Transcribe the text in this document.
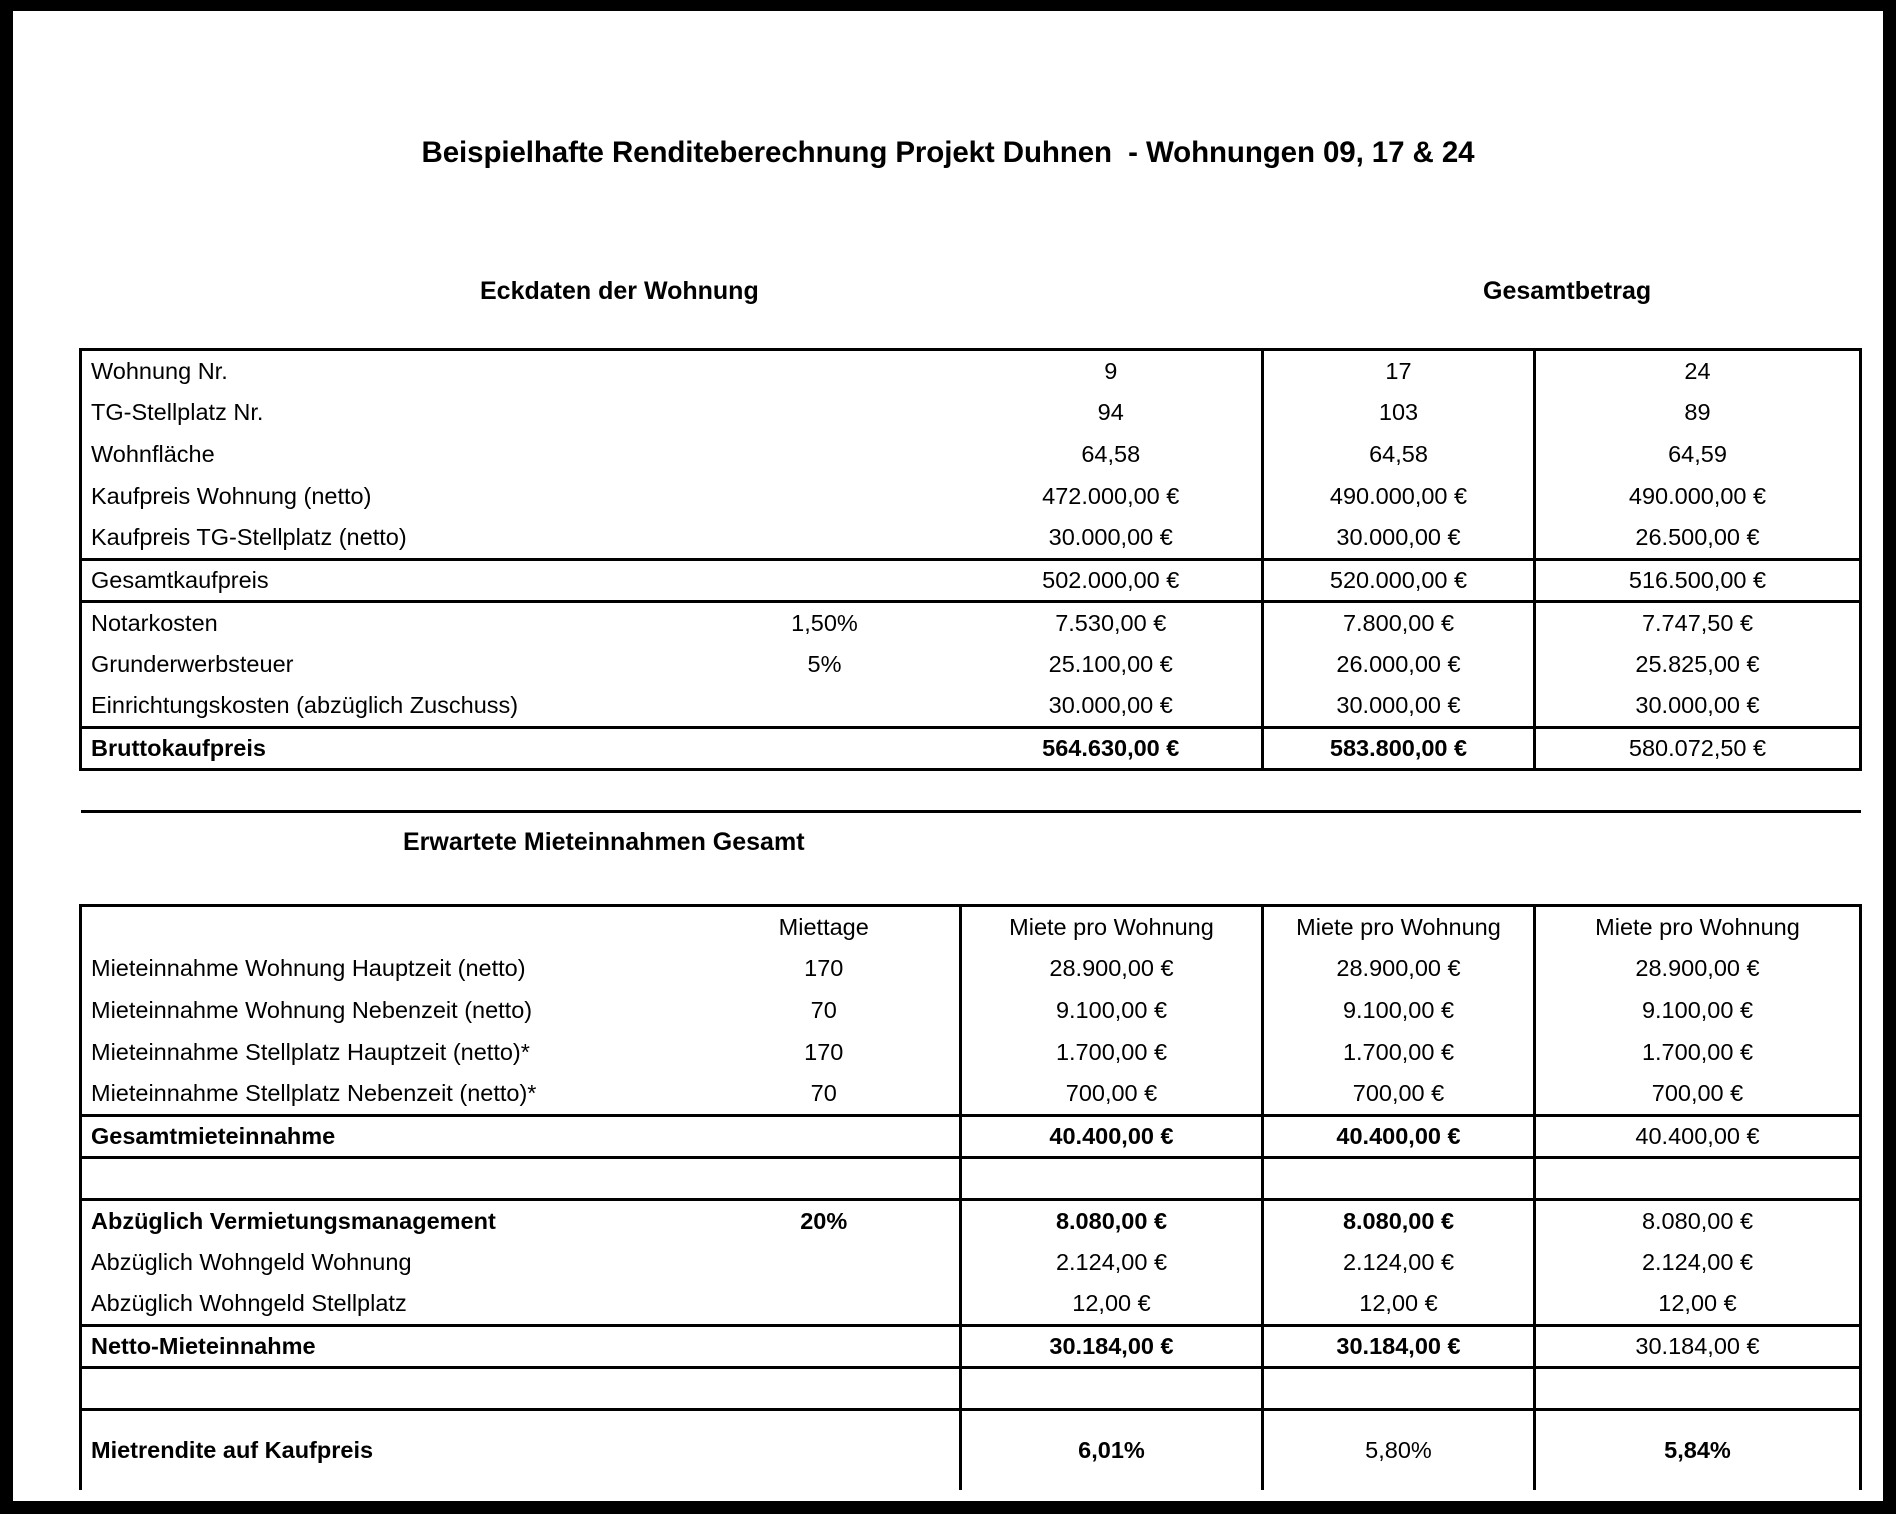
Beispielhafte Renditeberechnung Projekt Duhnen  - Wohnungen 09, 17 & 24
Eckdaten der Wohnung	Gesamtbetrag
Erwartete Mieteinnahmen Gesamt
Wohnung Nr.		9	17	24
TG-Stellplatz Nr.		94	103	89
Wohnfläche		64,58	64,58	64,59
Kaufpreis Wohnung (netto)		472.000,00 €	490.000,00 €	490.000,00 €
Kaufpreis TG-Stellplatz (netto)		30.000,00 €	30.000,00 €	26.500,00 €
Gesamtkaufpreis		502.000,00 €	520.000,00 €	516.500,00 €
Notarkosten	1,50%	7.530,00 €	7.800,00 €	7.747,50 €
Grunderwerbsteuer	5%	25.100,00 €	26.000,00 €	25.825,00 €
Einrichtungskosten (abzüglich Zuschuss)		30.000,00 €	30.000,00 €	30.000,00 €
Bruttokaufpreis		564.630,00 €	583.800,00 €	580.072,50 €

	Miettage	Miete pro Wohnung	Miete pro Wohnung	Miete pro Wohnung
Mieteinnahme Wohnung Hauptzeit (netto)	170	28.900,00 €	28.900,00 €	28.900,00 €
Mieteinnahme Wohnung Nebenzeit (netto)	70	9.100,00 €	9.100,00 €	9.100,00 €
Mieteinnahme Stellplatz Hauptzeit (netto)*	170	1.700,00 €	1.700,00 €	1.700,00 €
Mieteinnahme Stellplatz Nebenzeit (netto)*	70	700,00 €	700,00 €	700,00 €
Gesamtmieteinnahme		40.400,00 €	40.400,00 €	40.400,00 €

Abzüglich Vermietungsmanagement	20%	8.080,00 €	8.080,00 €	8.080,00 €
Abzüglich Wohngeld Wohnung		2.124,00 €	2.124,00 €	2.124,00 €
Abzüglich Wohngeld Stellplatz		12,00 €	12,00 €	12,00 €
Netto-Mieteinnahme		30.184,00 €	30.184,00 €	30.184,00 €

Mietrendite auf Kaufpreis		6,01%	5,80%	5,84%
